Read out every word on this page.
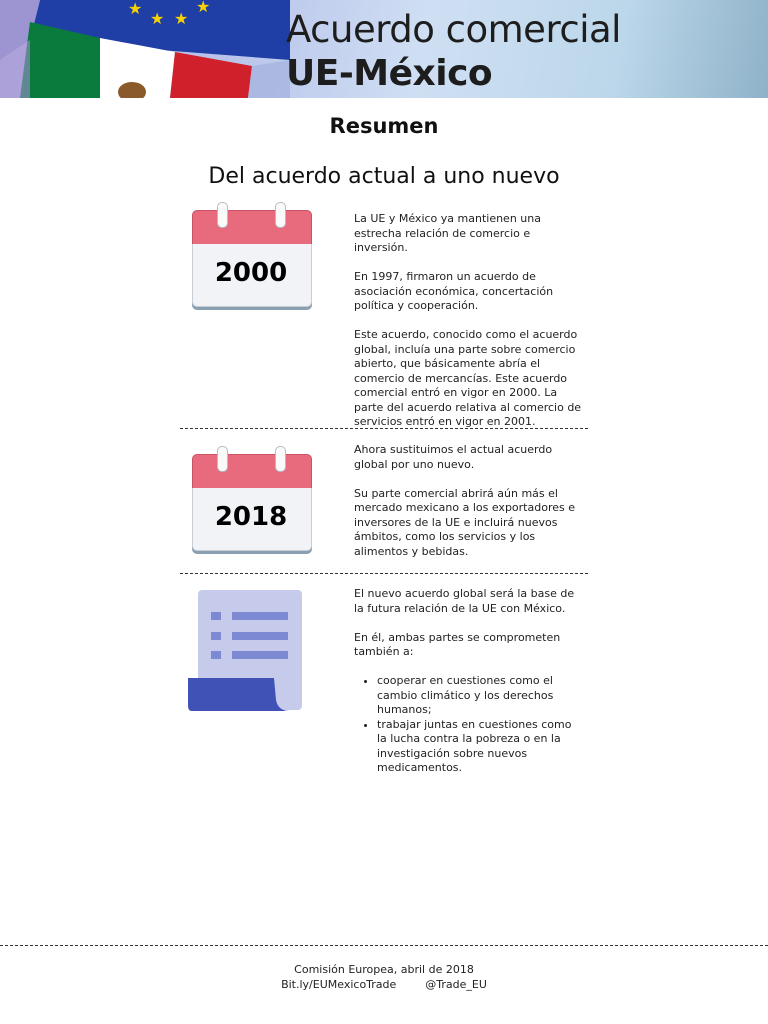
★
★ ★
★
Acuerdo comercial
UE-México
Resumen
Del acuerdo actual a uno nuevo
2000

La UE y México ya mantienen una estrecha relación de comercio e inversión.

En 1997, firmaron un acuerdo de asociación económica, concertación política y cooperación.

Este acuerdo, conocido como el acuerdo global, incluía una parte sobre comercio abierto, que básicamente abría el comercio de mercancías. Este acuerdo comercial entró en vigor en 2000. La parte del acuerdo relativa al comercio de servicios entró en vigor en 2001.

2018

Ahora sustituimos el actual acuerdo global por uno nuevo.

Su parte comercial abrirá aún más el mercado mexicano a los exportadores e inversores de la UE e incluirá nuevos ámbitos, como los servicios y los alimentos y bebidas.

El nuevo acuerdo global será la base de la futura relación de la UE con México.

En él, ambas partes se comprometen también a:

• cooperar en cuestiones como el cambio climático y los derechos humanos;
• trabajar juntas en cuestiones como la lucha contra la pobreza o en la investigación sobre nuevos medicamentos.
Comisión Europea, abril de 2018
Bit.ly/EUMexicoTrade	@Trade_EU
